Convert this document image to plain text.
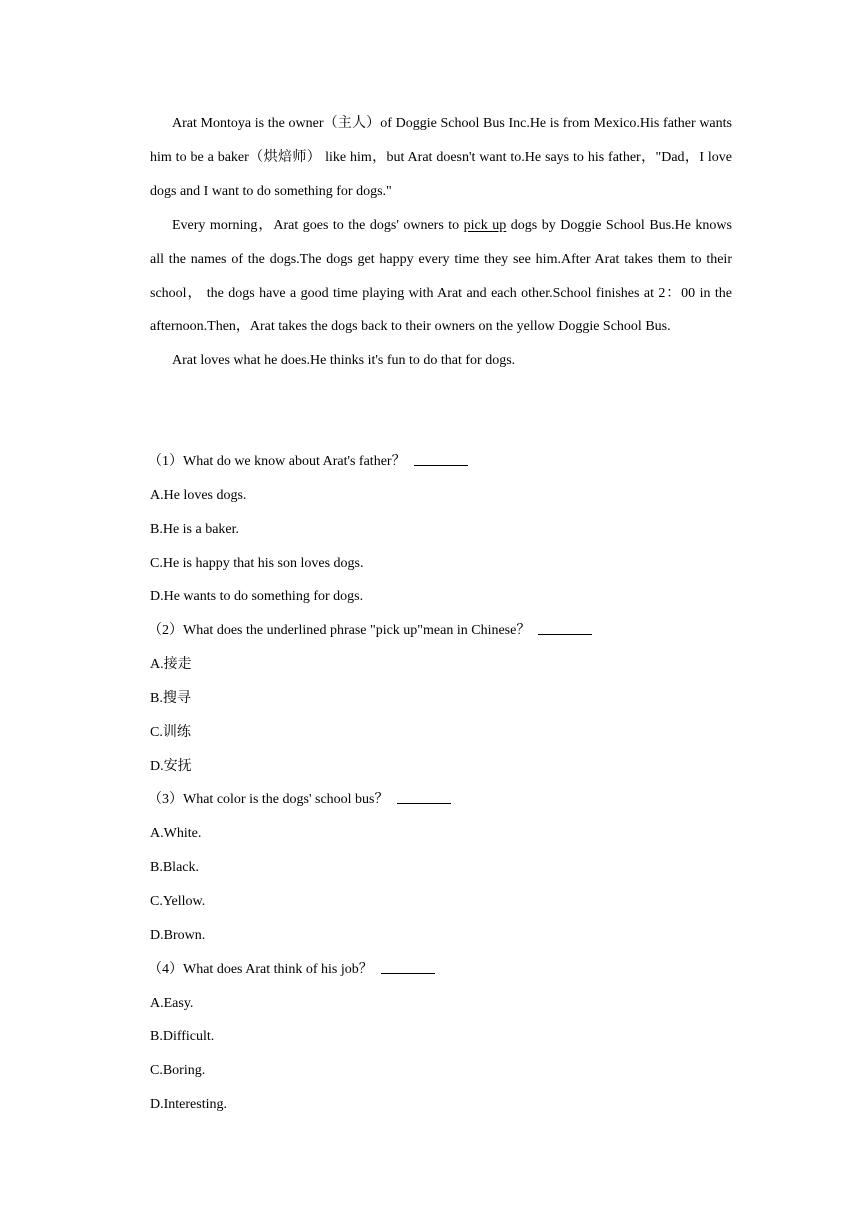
Arat Montoya is the owner（主人）of Doggie School Bus Inc.He is from Mexico.His father wants him to be a baker（烘焙师） like him，but Arat doesn't want to.He says to his father，"Dad，I love dogs and I want to do something for dogs."

Every morning，Arat goes to the dogs' owners to pick up dogs by Doggie School Bus.He knows all the names of the dogs.The dogs get happy every time they see him.After Arat takes them to their school， the dogs have a good time playing with Arat and each other.School finishes at 2：00 in the afternoon.Then，Arat takes the dogs back to their owners on the yellow Doggie School Bus.

Arat loves what he does.He thinks it's fun to do that for dogs.

（1）What do we know about Arat's father？

A.He loves dogs.

B.He is a baker.

C.He is happy that his son loves dogs.

D.He wants to do something for dogs.

（2）What does the underlined phrase "pick up"mean in Chinese？

A.接走

B.搜寻

C.训练

D.安抚

（3）What color is the dogs' school bus？

A.White.

B.Black.

C.Yellow.

D.Brown.

（4）What does Arat think of his job？

A.Easy.

B.Difficult.

C.Boring.

D.Interesting.
